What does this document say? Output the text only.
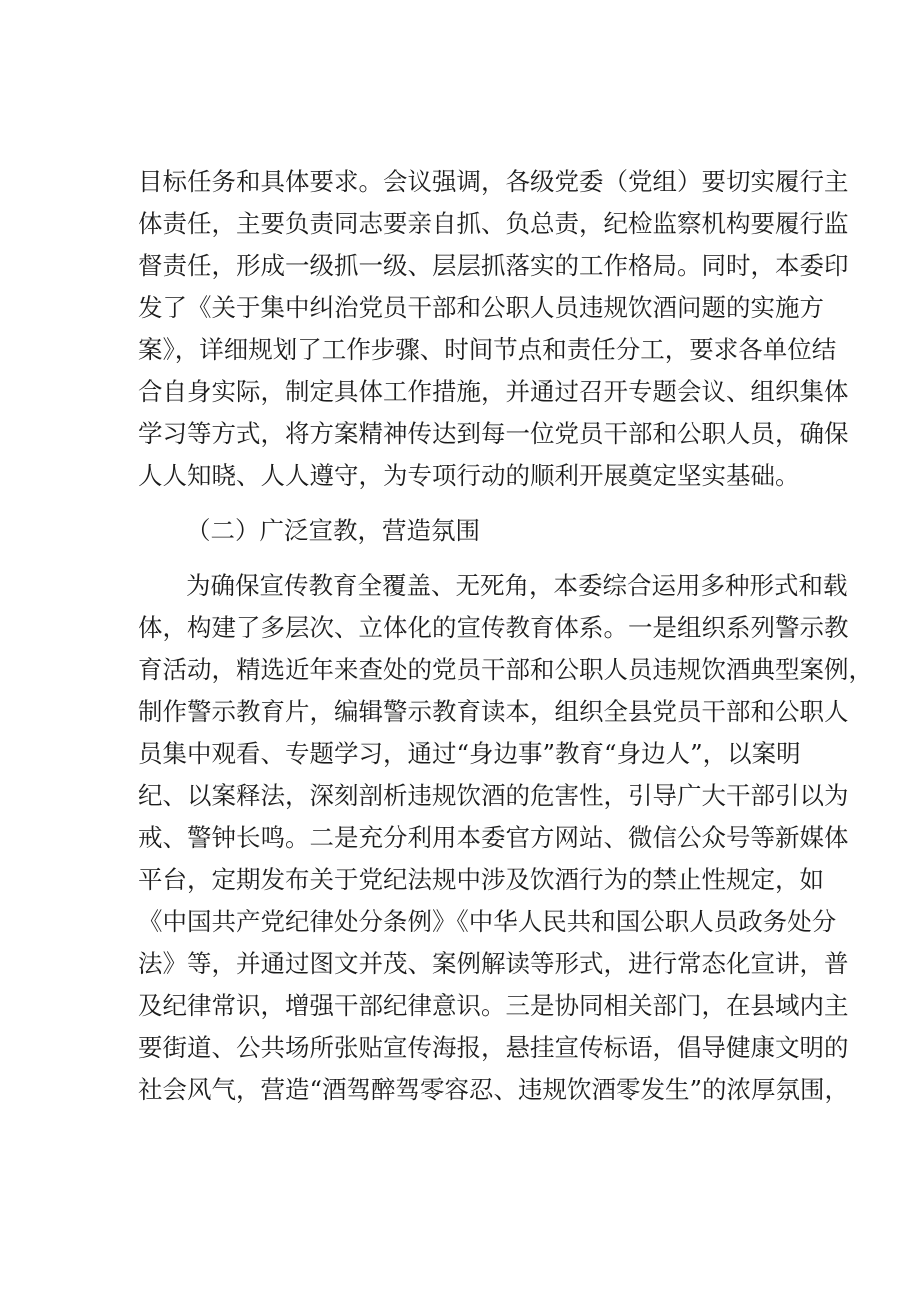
目标任务和具体要求。会议强调，各级党委（党组）要切实履行主
体责任，主要负责同志要亲自抓、负总责，纪检监察机构要履行监
督责任，形成一级抓一级、层层抓落实的工作格局。同时，本委印
发了《关于集中纠治党员干部和公职人员违规饮酒问题的实施方
案》，详细规划了工作步骤、时间节点和责任分工，要求各单位结
合自身实际，制定具体工作措施，并通过召开专题会议、组织集体
学习等方式，将方案精神传达到每一位党员干部和公职人员，确保
人人知晓、人人遵守，为专项行动的顺利开展奠定坚实基础。
（二）广泛宣教，营造氛围
为确保宣传教育全覆盖、无死角，本委综合运用多种形式和载
体，构建了多层次、立体化的宣传教育体系。一是组织系列警示教
育活动，精选近年来查处的党员干部和公职人员违规饮酒典型案例，
制作警示教育片，编辑警示教育读本，组织全县党员干部和公职人
员集中观看、专题学习，通过“身边事”教育“身边人”，以案明
纪、以案释法，深刻剖析违规饮酒的危害性，引导广大干部引以为
戒、警钟长鸣。二是充分利用本委官方网站、微信公众号等新媒体
平台，定期发布关于党纪法规中涉及饮酒行为的禁止性规定，如
《中国共产党纪律处分条例》《中华人民共和国公职人员政务处分
法》等，并通过图文并茂、案例解读等形式，进行常态化宣讲，普
及纪律常识，增强干部纪律意识。三是协同相关部门，在县域内主
要街道、公共场所张贴宣传海报，悬挂宣传标语，倡导健康文明的
社会风气，营造“酒驾醉驾零容忍、违规饮酒零发生”的浓厚氛围，
